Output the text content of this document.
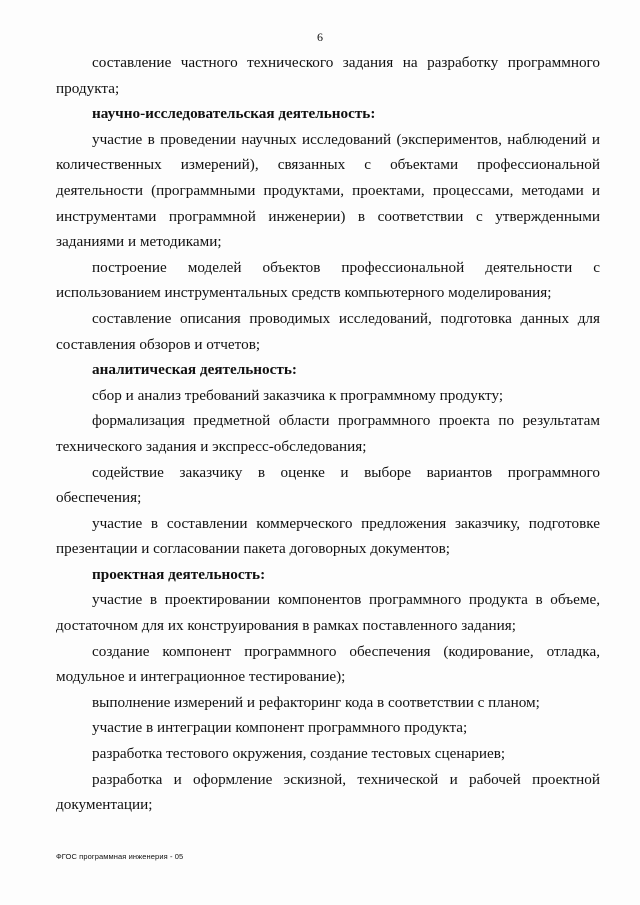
6

составление частного технического задания на разработку программного продукта;

научно-исследовательская деятельность:

участие в проведении научных исследований (экспериментов, наблюдений и количественных измерений), связанных с объектами профессиональной деятельности (программными продуктами, проектами, процессами, методами и инструментами программной инженерии) в соответствии с утвержденными заданиями и методиками;

построение моделей объектов профессиональной деятельности с использованием инструментальных средств компьютерного моделирования;

составление описания проводимых исследований, подготовка данных для составления обзоров и отчетов;

аналитическая деятельность:

сбор и анализ требований заказчика к программному продукту;

формализация предметной области программного проекта по результатам технического задания и экспресс-обследования;

содействие заказчику в оценке и выборе вариантов программного обеспечения;

участие в составлении коммерческого предложения заказчику, подготовке презентации и согласовании пакета договорных документов;

проектная деятельность:

участие в проектировании компонентов программного продукта в объеме, достаточном для их конструирования в рамках поставленного задания;

создание компонент программного обеспечения (кодирование, отладка, модульное и интеграционное тестирование);

выполнение измерений и рефакторинг кода в соответствии с планом;

участие в интеграции компонент программного продукта;

разработка тестового окружения, создание тестовых сценариев;

разработка и оформление эскизной, технической и рабочей проектной документации;

ФГОС программная инженерия - 05
